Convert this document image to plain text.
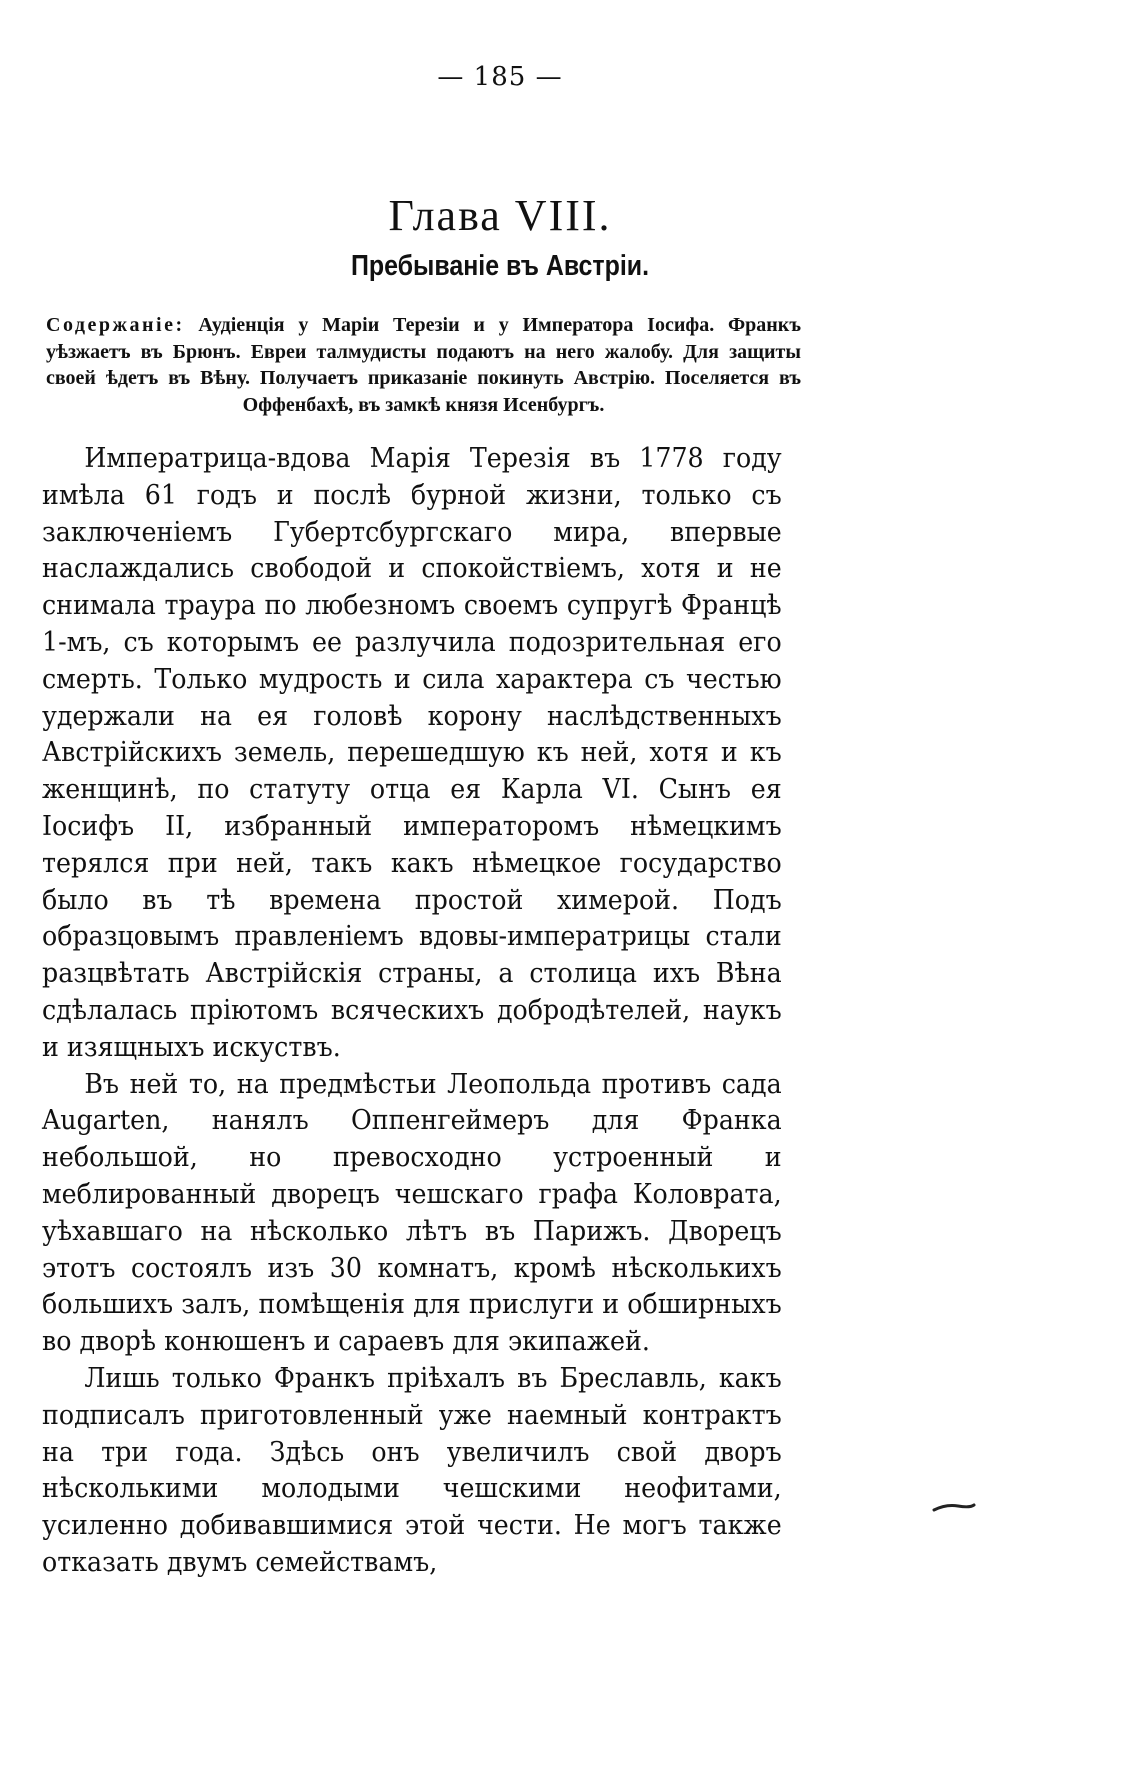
— 185 —
Глава VIII.
Пребываніе въ Австріи.
Содержаніе: Аудіенція у Маріи Терезіи и у Императора Іосифа. Франкъ уѣзжаетъ въ Брюнъ. Евреи талмудисты подаютъ на него жалобу. Для защиты своей ѣдетъ въ Вѣну. Получаетъ приказаніе покинуть Австрію. Поселяется въ Оффенбахѣ, въ замкѣ князя Исенбургъ.

Императрица-вдова Марія Терезія въ 1778 году имѣла 61 годъ и послѣ бурной жизни, только съ заключеніемъ Губертсбургскаго мира, впервые наслаждались свободой и спокойствіемъ, хотя и не снимала траура по любезномъ своемъ супругѣ Францѣ 1-мъ, съ которымъ ее разлучила подозрительная его смерть. Только мудрость и сила характера съ честью удержали на ея головѣ корону наслѣдственныхъ Австрійскихъ земель, перешедшую къ ней, хотя и къ женщинѣ, по статуту отца ея Карла VI. Сынъ ея Іосифъ II, избранный императоромъ нѣмецкимъ терялся при ней, такъ какъ нѣмецкое государство было въ тѣ времена простой химерой. Подъ образцовымъ правленіемъ вдовы-императрицы стали разцвѣтать Австрійскія страны, а столица ихъ Вѣна сдѣлалась пріютомъ всяческихъ добродѣтелей, наукъ и изящныхъ искуствъ.

Въ ней то, на предмѣстьи Леопольда противъ сада Augarten, нанялъ Оппенгеймеръ для Франка небольшой, но превосходно устроенный и меблированный дворецъ чешскаго графа Коловрата, уѣхавшаго на нѣсколько лѣтъ въ Парижъ. Дворецъ этотъ состоялъ изъ 30 комнатъ, кромѣ нѣсколькихъ большихъ залъ, помѣщенія для прислуги и обширныхъ во дворѣ конюшенъ и сараевъ для экипажей.

Лишь только Франкъ пріѣхалъ въ Бреславль, какъ подписалъ приготовленный уже наемный контрактъ на три года. Здѣсь онъ увеличилъ свой дворъ нѣсколькими молодыми чешскими неофитами, усиленно добивавшимися этой чести. Не могъ также отказать двумъ семействамъ,
